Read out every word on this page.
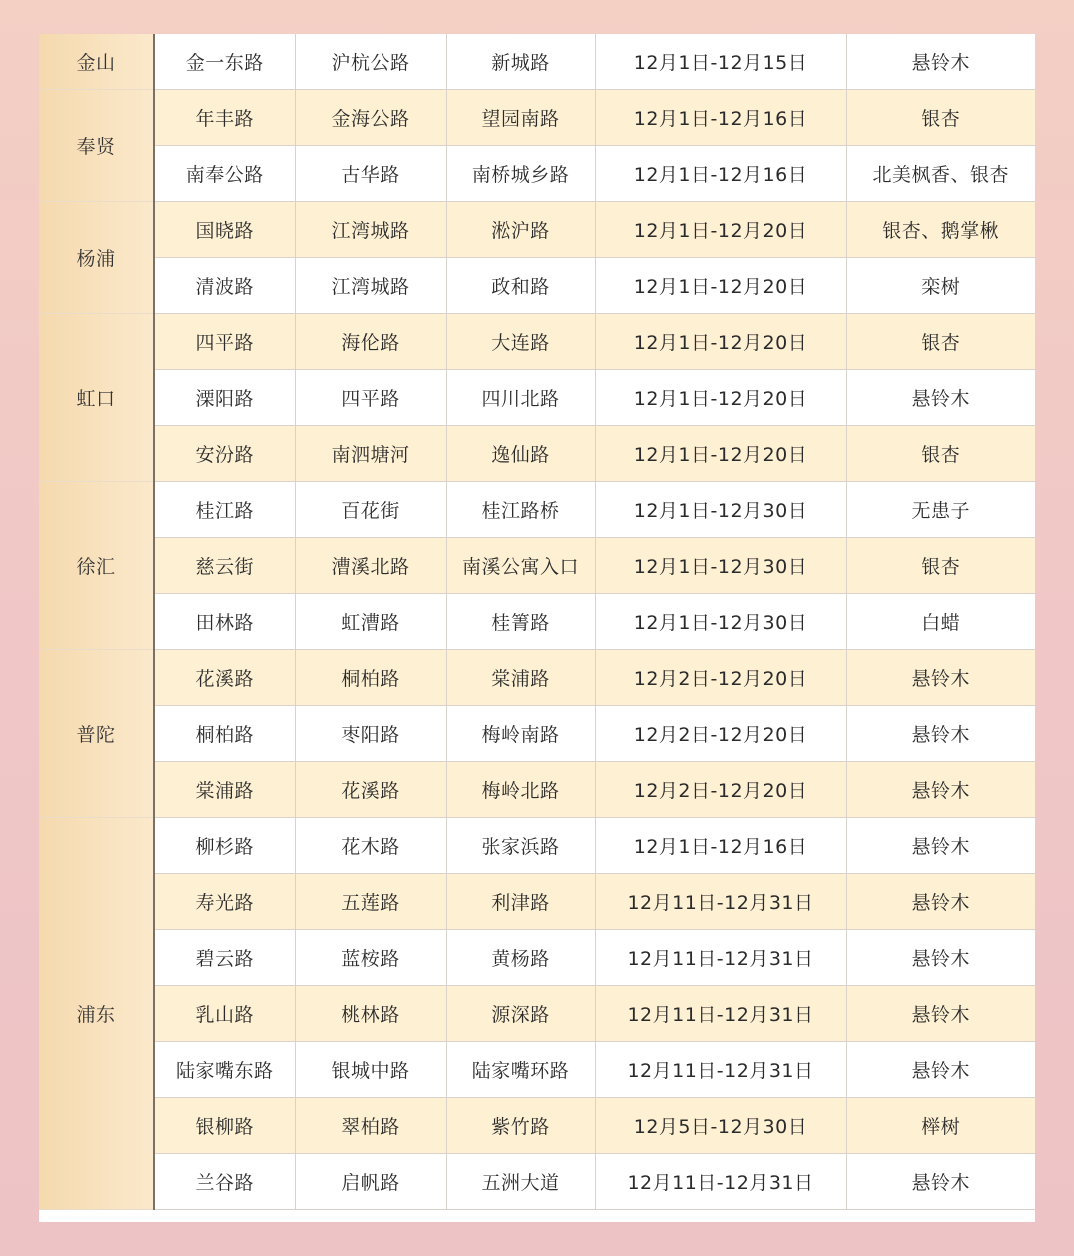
金山	金一东路	沪杭公路	新城路	12月1日-12月15日	悬铃木
奉贤	年丰路	金海公路	望园南路	12月1日-12月16日	银杏
	南奉公路	古华路	南桥城乡路	12月1日-12月16日	北美枫香、银杏
杨浦	国晓路	江湾城路	淞沪路	12月1日-12月20日	银杏、鹅掌楸
	清波路	江湾城路	政和路	12月1日-12月20日	栾树
虹口	四平路	海伦路	大连路	12月1日-12月20日	银杏
	溧阳路	四平路	四川北路	12月1日-12月20日	悬铃木
	安汾路	南泗塘河	逸仙路	12月1日-12月20日	银杏
徐汇	桂江路	百花街	桂江路桥	12月1日-12月30日	无患子
	慈云街	漕溪北路	南溪公寓入口	12月1日-12月30日	银杏
	田林路	虹漕路	桂箐路	12月1日-12月30日	白蜡
普陀	花溪路	桐柏路	棠浦路	12月2日-12月20日	悬铃木
	桐柏路	枣阳路	梅岭南路	12月2日-12月20日	悬铃木
	棠浦路	花溪路	梅岭北路	12月2日-12月20日	悬铃木
浦东	柳杉路	花木路	张家浜路	12月1日-12月16日	悬铃木
	寿光路	五莲路	利津路	12月11日-12月31日	悬铃木
	碧云路	蓝桉路	黄杨路	12月11日-12月31日	悬铃木
	乳山路	桃林路	源深路	12月11日-12月31日	悬铃木
	陆家嘴东路	银城中路	陆家嘴环路	12月11日-12月31日	悬铃木
	银柳路	翠柏路	紫竹路	12月5日-12月30日	榉树
	兰谷路	启帆路	五洲大道	12月11日-12月31日	悬铃木
